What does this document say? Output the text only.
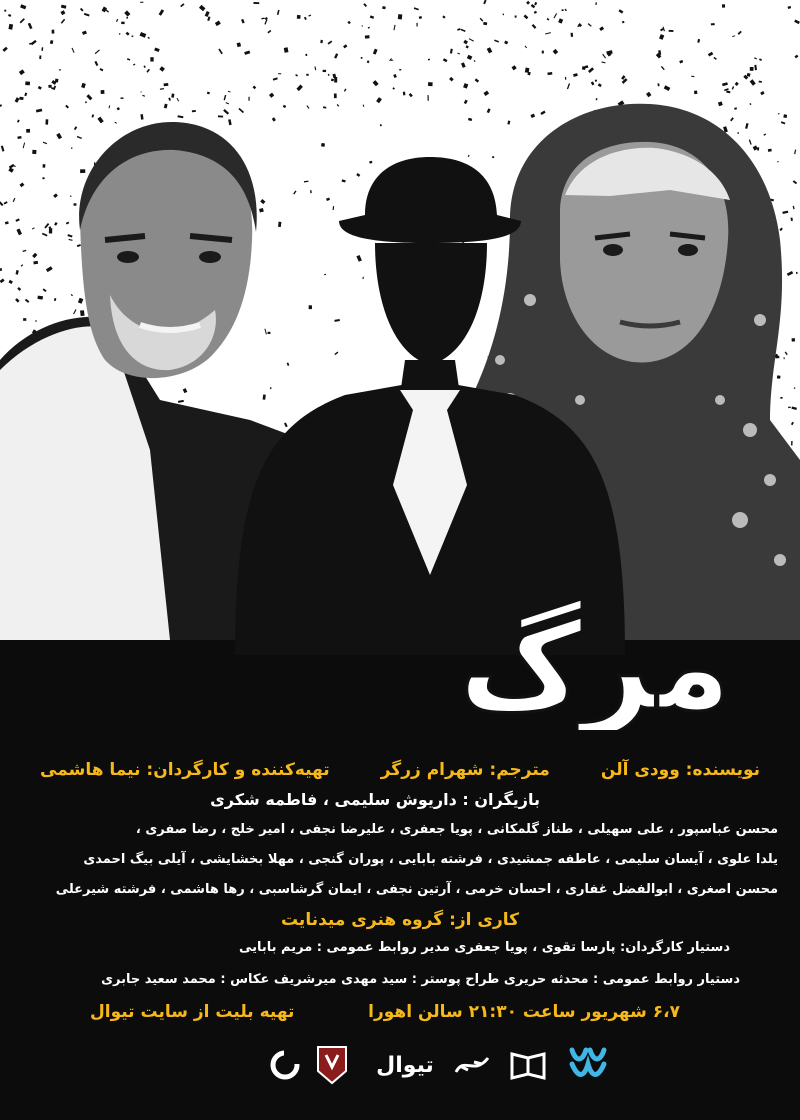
مرگ
نویسنده: وودی آلن
مترجم: شهرام زرگر
تهیه‌کننده و کارگردان: نیما هاشمی
بازیگران : داریوش سلیمی ، فاطمه شکری
محسن عباسپور ، علی سهیلی ، طناز گلمکانی ، پویا جعفری ، علیرضا نجفی ، امیر خلج ، رضا صفری ،
یلدا علوی ، آیسان سلیمی ، عاطفه جمشیدی ، فرشته بابایی ، پوران گنجی ، مهلا بخشایشی ، آیلی بیگ احمدی
محسن اصغری ، ابوالفضل غفاری ، احسان خرمی ، آرتین نجفی ، ایمان گرشاسبی ، رها هاشمی ، فرشته شیرعلی
کاری از: گروه هنری میدنایت
دستیار کارگردان: پارسا تقوی ، پویا جعفری مدیر روابط عمومی : مریم بابایی
دستیار روابط عمومی : محدثه حریری طراح پوستر : سید مهدی میرشریف عکاس : محمد سعید جابری
۶،۷ شهریور ساعت ۲۱:۳۰ سالن اهورا
تهیه بلیت از سایت تیوال
تیوال
